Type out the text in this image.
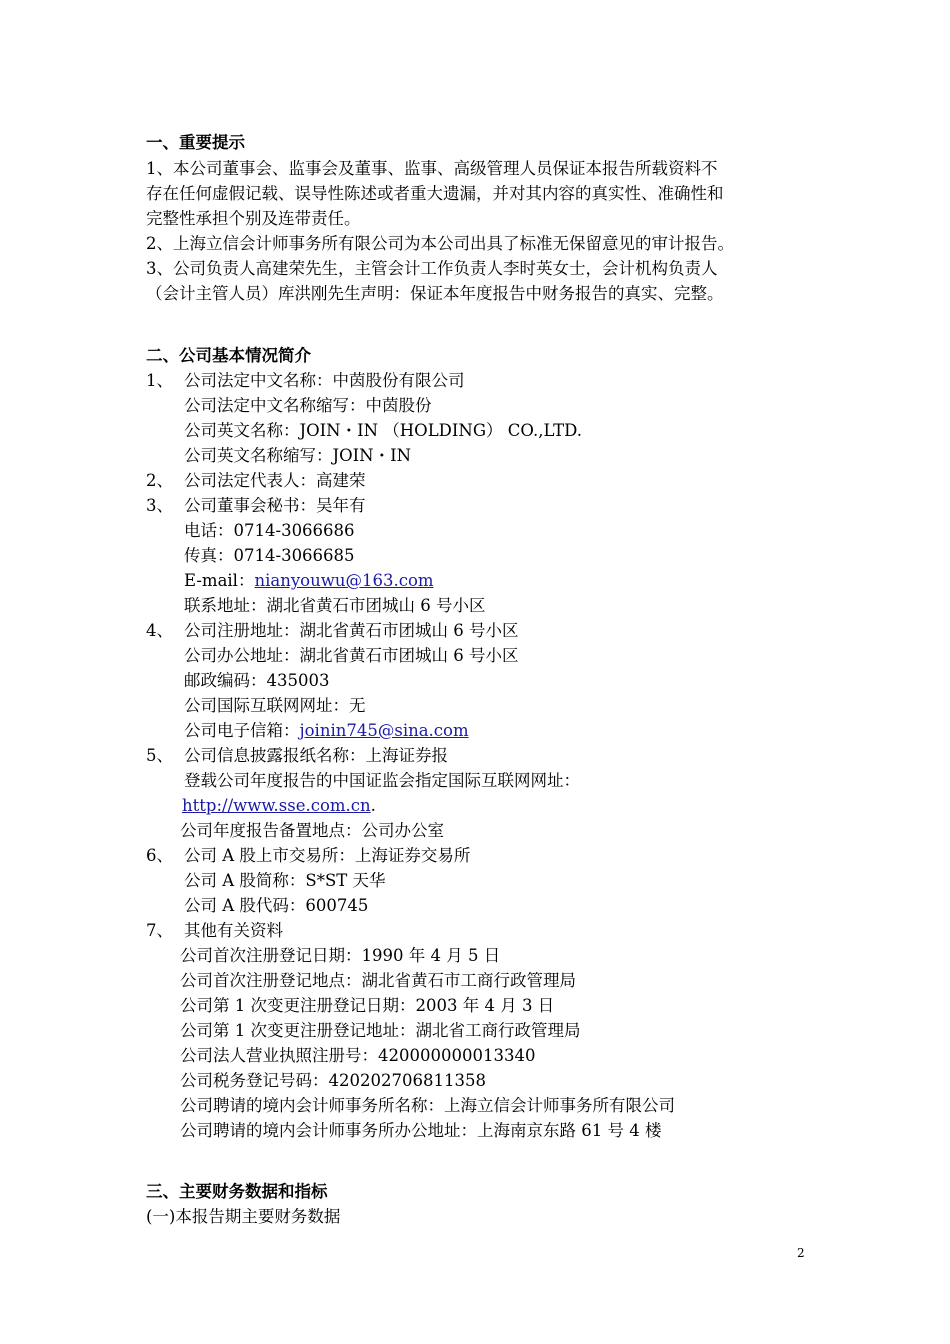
一、重要提示
1、本公司董事会、监事会及董事、监事、高级管理人员保证本报告所载资料不
存在任何虚假记载、误导性陈述或者重大遗漏，并对其内容的真实性、准确性和
完整性承担个别及连带责任。
2、上海立信会计师事务所有限公司为本公司出具了标准无保留意见的审计报告。
3、公司负责人高建荣先生，主管会计工作负责人李时英女士，会计机构负责人
（会计主管人员）库洪刚先生声明：保证本年度报告中财务报告的真实、完整。
二、公司基本情况简介
1、 公司法定中文名称：中茵股份有限公司
公司法定中文名称缩写：中茵股份
公司英文名称：JOIN・IN （HOLDING） CO.,LTD.
公司英文名称缩写：JOIN・IN
2、 公司法定代表人：高建荣
3、 公司董事会秘书：吴年有
电话：0714-3066686
传真：0714-3066685
E-mail：nianyouwu@163.com
联系地址：湖北省黄石市团城山 6 号小区
4、 公司注册地址：湖北省黄石市团城山 6 号小区
公司办公地址：湖北省黄石市团城山 6 号小区
邮政编码：435003
公司国际互联网网址：无
公司电子信箱：joinin745@sina.com
5、 公司信息披露报纸名称：上海证券报
登载公司年度报告的中国证监会指定国际互联网网址：
http://www.sse.com.cn.
公司年度报告备置地点：公司办公室
6、 公司 A 股上市交易所：上海证券交易所
公司 A 股简称：S*ST 天华
公司 A 股代码：600745
7、 其他有关资料
公司首次注册登记日期：1990 年 4 月 5 日
公司首次注册登记地点：湖北省黄石市工商行政管理局
公司第 1 次变更注册登记日期：2003 年 4 月 3 日
公司第 1 次变更注册登记地址：湖北省工商行政管理局
公司法人营业执照注册号：420000000013340
公司税务登记号码：420202706811358
公司聘请的境内会计师事务所名称：上海立信会计师事务所有限公司
公司聘请的境内会计师事务所办公地址：上海南京东路 61 号 4 楼
三、主要财务数据和指标
(一)本报告期主要财务数据
2
